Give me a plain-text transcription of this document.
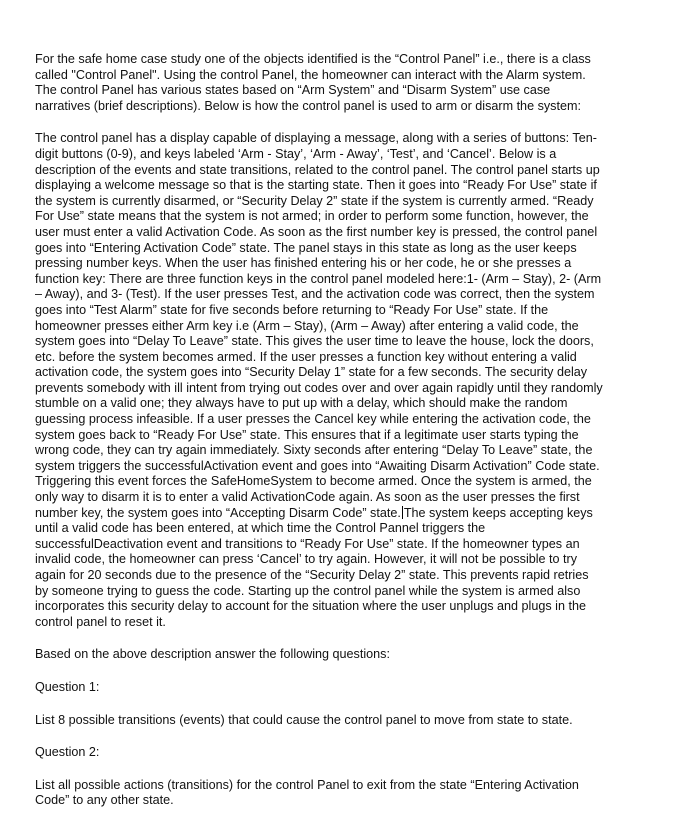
For the safe home case study one of the objects identified is the “Control Panel” i.e., there is a class
called "Control Panel". Using the control Panel, the homeowner can interact with the Alarm system.
The control Panel has various states based on “Arm System” and “Disarm System” use case
narratives (brief descriptions). Below is how the control panel is used to arm or disarm the system:

The control panel has a display capable of displaying a message, along with a series of buttons: Ten-
digit buttons (0-9), and keys labeled ‘Arm - Stay’, ‘Arm - Away’, ‘Test’, and ‘Cancel’. Below is a
description of the events and state transitions, related to the control panel. The control panel starts up
displaying a welcome message so that is the starting state. Then it goes into “Ready For Use” state if
the system is currently disarmed, or “Security Delay 2” state if the system is currently armed. “Ready
For Use” state means that the system is not armed; in order to perform some function, however, the
user must enter a valid Activation Code. As soon as the first number key is pressed, the control panel
goes into “Entering Activation Code” state. The panel stays in this state as long as the user keeps
pressing number keys. When the user has finished entering his or her code, he or she presses a
function key: There are three function keys in the control panel modeled here:1- (Arm – Stay), 2- (Arm
– Away), and 3- (Test). If the user presses Test, and the activation code was correct, then the system
goes into “Test Alarm” state for five seconds before returning to “Ready For Use” state. If the
homeowner presses either Arm key i.e (Arm – Stay), (Arm – Away) after entering a valid code, the
system goes into “Delay To Leave” state. This gives the user time to leave the house, lock the doors,
etc. before the system becomes armed. If the user presses a function key without entering a valid
activation code, the system goes into “Security Delay 1” state for a few seconds. The security delay
prevents somebody with ill intent from trying out codes over and over again rapidly until they randomly
stumble on a valid one; they always have to put up with a delay, which should make the random
guessing process infeasible. If a user presses the Cancel key while entering the activation code, the
system goes back to “Ready For Use” state. This ensures that if a legitimate user starts typing the
wrong code, they can try again immediately. Sixty seconds after entering “Delay To Leave” state, the
system triggers the successfulActivation event and goes into “Awaiting Disarm Activation” Code state.
Triggering this event forces the SafeHomeSystem to become armed. Once the system is armed, the
only way to disarm it is to enter a valid ActivationCode again. As soon as the user presses the first
number key, the system goes into “Accepting Disarm Code” state. The system keeps accepting keys
until a valid code has been entered, at which time the Control Pannel triggers the
successfulDeactivation event and transitions to “Ready For Use” state. If the homeowner types an
invalid code, the homeowner can press ‘Cancel’ to try again. However, it will not be possible to try
again for 20 seconds due to the presence of the “Security Delay 2” state. This prevents rapid retries
by someone trying to guess the code. Starting up the control panel while the system is armed also
incorporates this security delay to account for the situation where the user unplugs and plugs in the
control panel to reset it.

Based on the above description answer the following questions:

Question 1:

List 8 possible transitions (events) that could cause the control panel to move from state to state.

Question 2:

List all possible actions (transitions) for the control Panel to exit from the state “Entering Activation
Code” to any other state.
